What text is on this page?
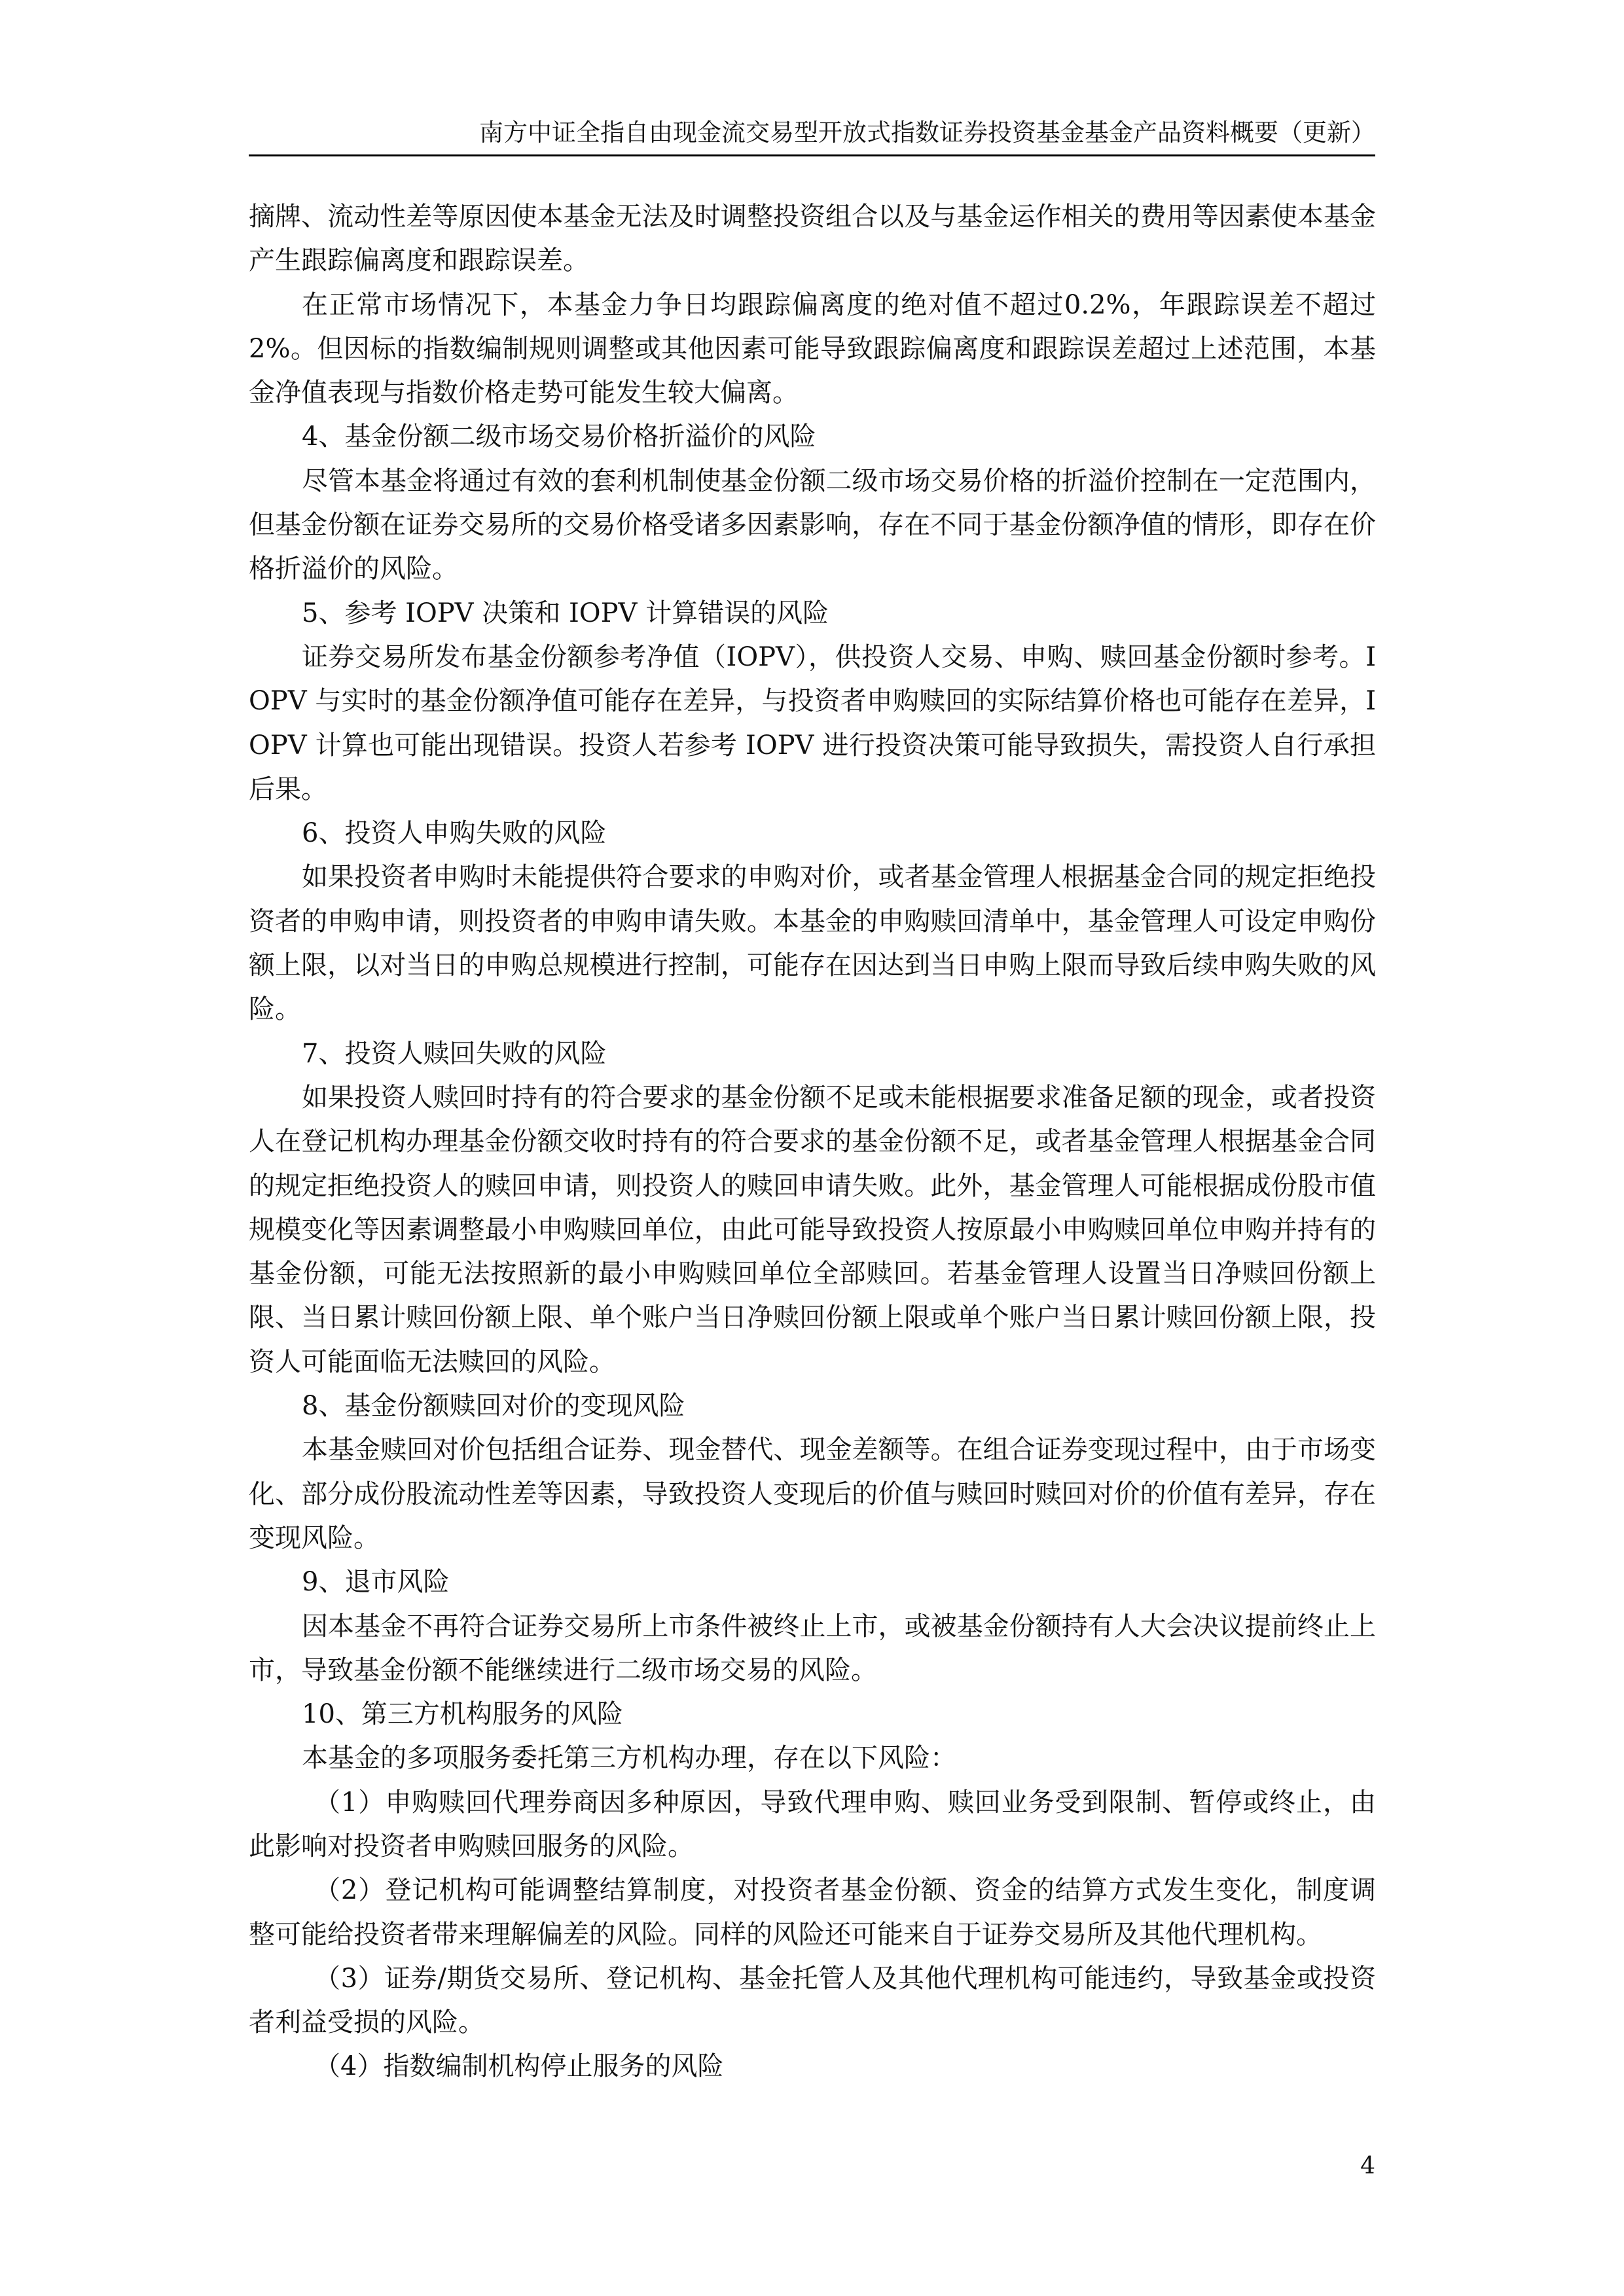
南方中证全指自由现金流交易型开放式指数证券投资基金基金产品资料概要（更新）

摘牌、流动性差等原因使本基金无法及时调整投资组合以及与基金运作相关的费用等因素使本基金产生跟踪偏离度和跟踪误差。

在正常市场情况下，本基金力争日均跟踪偏离度的绝对值不超过0.2%，年跟踪误差不超过2%。但因标的指数编制规则调整或其他因素可能导致跟踪偏离度和跟踪误差超过上述范围，本基金净值表现与指数价格走势可能发生较大偏离。

4、基金份额二级市场交易价格折溢价的风险

尽管本基金将通过有效的套利机制使基金份额二级市场交易价格的折溢价控制在一定范围内，但基金份额在证券交易所的交易价格受诸多因素影响，存在不同于基金份额净值的情形，即存在价格折溢价的风险。

5、参考 IOPV 决策和 IOPV 计算错误的风险

证券交易所发布基金份额参考净值（IOPV），供投资人交易、申购、赎回基金份额时参考。IOPV 与实时的基金份额净值可能存在差异，与投资者申购赎回的实际结算价格也可能存在差异，IOPV 计算也可能出现错误。投资人若参考 IOPV 进行投资决策可能导致损失，需投资人自行承担后果。

6、投资人申购失败的风险

如果投资者申购时未能提供符合要求的申购对价，或者基金管理人根据基金合同的规定拒绝投资者的申购申请，则投资者的申购申请失败。本基金的申购赎回清单中，基金管理人可设定申购份额上限，以对当日的申购总规模进行控制，可能存在因达到当日申购上限而导致后续申购失败的风险。

7、投资人赎回失败的风险

如果投资人赎回时持有的符合要求的基金份额不足或未能根据要求准备足额的现金，或者投资人在登记机构办理基金份额交收时持有的符合要求的基金份额不足，或者基金管理人根据基金合同的规定拒绝投资人的赎回申请，则投资人的赎回申请失败。此外，基金管理人可能根据成份股市值规模变化等因素调整最小申购赎回单位，由此可能导致投资人按原最小申购赎回单位申购并持有的基金份额，可能无法按照新的最小申购赎回单位全部赎回。若基金管理人设置当日净赎回份额上限、当日累计赎回份额上限、单个账户当日净赎回份额上限或单个账户当日累计赎回份额上限，投资人可能面临无法赎回的风险。

8、基金份额赎回对价的变现风险

本基金赎回对价包括组合证券、现金替代、现金差额等。在组合证券变现过程中，由于市场变化、部分成份股流动性差等因素，导致投资人变现后的价值与赎回时赎回对价的价值有差异，存在变现风险。

9、退市风险

因本基金不再符合证券交易所上市条件被终止上市，或被基金份额持有人大会决议提前终止上市，导致基金份额不能继续进行二级市场交易的风险。

10、第三方机构服务的风险

本基金的多项服务委托第三方机构办理，存在以下风险：

（1）申购赎回代理券商因多种原因，导致代理申购、赎回业务受到限制、暂停或终止，由此影响对投资者申购赎回服务的风险。

（2）登记机构可能调整结算制度，对投资者基金份额、资金的结算方式发生变化，制度调整可能给投资者带来理解偏差的风险。同样的风险还可能来自于证券交易所及其他代理机构。

（3）证券/期货交易所、登记机构、基金托管人及其他代理机构可能违约，导致基金或投资者利益受损的风险。

（4）指数编制机构停止服务的风险

4
